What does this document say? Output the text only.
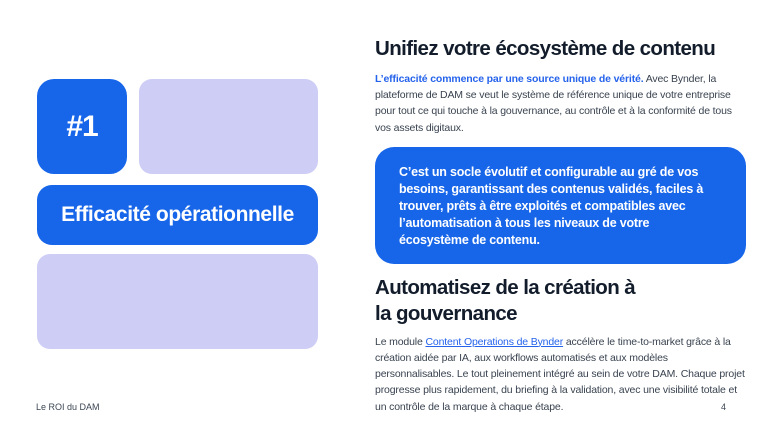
#1
Efficacité opérationnelle
Unifiez votre écosystème de contenu

L’efficacité commence par une source unique de vérité. Avec Bynder, la plateforme de DAM se veut le système de référence unique de votre entreprise pour tout ce qui touche à la gouvernance, au contrôle et à la conformité de tous vos assets digitaux.

C’est un socle évolutif et configurable au gré de vos besoins, garantissant des contenus validés, faciles à trouver, prêts à être exploités et compatibles avec l’automatisation à tous les niveaux de votre écosystème de contenu.
Automatisez de la création à
la gouvernance

Le module Content Operations de Bynder accélère le time-to-market grâce à la création aidée par IA, aux workflows automatisés et aux modèles personnalisables. Le tout pleinement intégré au sein de votre DAM. Chaque projet progresse plus rapidement, du briefing à la validation, avec une visibilité totale et un contrôle de la marque à chaque étape.

Le ROI du DAM	4
